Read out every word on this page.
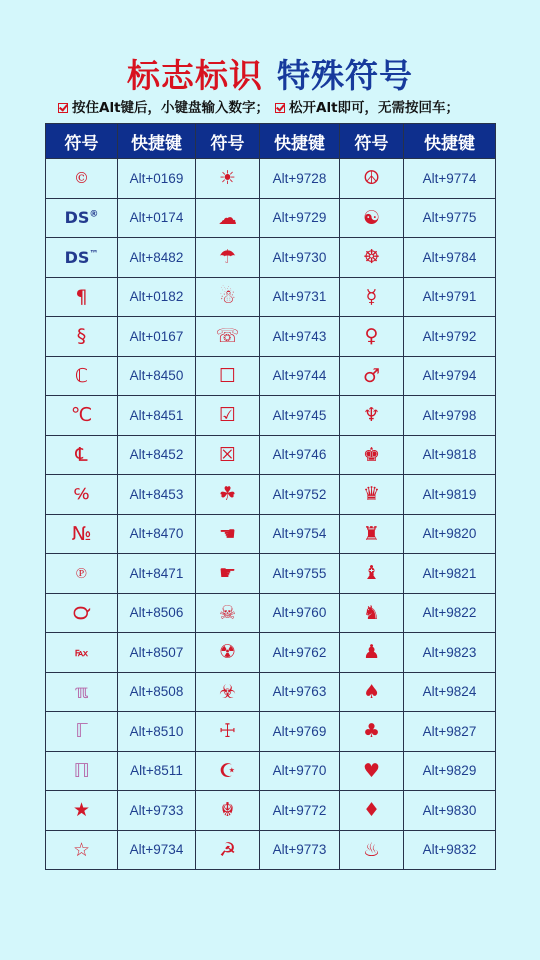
标志标识 特殊符号
按住Alt键后，小键盘输入数字； 松开Alt即可，无需按回车；
符号	快捷键	符号	快捷键	符号	快捷键
©	Alt+0169	☀	Alt+9728	☮	Alt+9774
DS®	Alt+0174	☁	Alt+9729	☯	Alt+9775
DS™	Alt+8482	☂	Alt+9730	☸	Alt+9784
¶	Alt+0182	☃	Alt+9731	☿	Alt+9791
§	Alt+0167	☏	Alt+9743	♀	Alt+9792
ℂ	Alt+8450	☐	Alt+9744	♂	Alt+9794
℃	Alt+8451	☑	Alt+9745	♆	Alt+9798
℄	Alt+8452	☒	Alt+9746	♚	Alt+9818
℅	Alt+8453	☘	Alt+9752	♛	Alt+9819
№	Alt+8470	☚	Alt+9754	♜	Alt+9820
℗	Alt+8471	☛	Alt+9755	♝	Alt+9821
℺	Alt+8506	☠	Alt+9760	♞	Alt+9822
℻	Alt+8507	☢	Alt+9762	♟	Alt+9823
ℼ	Alt+8508	☣	Alt+9763	♠	Alt+9824
ℾ	Alt+8510	☩	Alt+9769	♣	Alt+9827
ℿ	Alt+8511	☪	Alt+9770	♥	Alt+9829
★	Alt+9733	☬	Alt+9772	♦	Alt+9830
☆	Alt+9734	☭	Alt+9773	♨	Alt+9832
